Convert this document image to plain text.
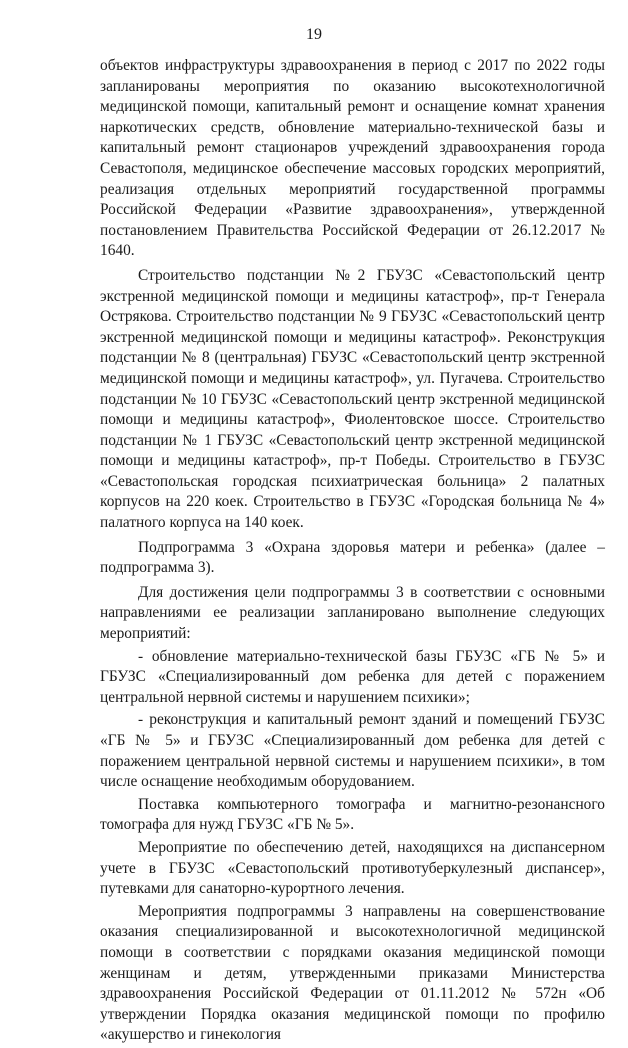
19

объектов инфраструктуры здравоохранения в период с 2017 по 2022 годы запланированы мероприятия по оказанию высокотехнологичной медицинской помощи, капитальный ремонт и оснащение комнат хранения наркотических средств, обновление материально-технической базы и капитальный ремонт стационаров учреждений здравоохранения города Севастополя, медицинское обеспечение массовых городских мероприятий, реализация отдельных мероприятий государственной программы Российской Федерации «Развитие здравоохранения», утвержденной постановлением Правительства Российской Федерации от 26.12.2017 № 1640.

Строительство подстанции №2 ГБУЗС «Севастопольский центр экстренной медицинской помощи и медицины катастроф», пр-т Генерала Острякова. Строительство подстанции № 9 ГБУЗС «Севастопольский центр экстренной медицинской помощи и медицины катастроф». Реконструкция подстанции № 8 (центральная) ГБУЗС «Севастопольский центр экстренной медицинской помощи и медицины катастроф», ул. Пугачева. Строительство подстанции № 10 ГБУЗС «Севастопольский центр экстренной медицинской помощи и медицины катастроф», Фиолентовское шоссе. Строительство подстанции № 1 ГБУЗС «Севастопольский центр экстренной медицинской помощи и медицины катастроф», пр-т Победы. Строительство в ГБУЗС «Севастопольская городская психиатрическая больница» 2 палатных корпусов на 220 коек. Строительство в ГБУЗС «Городская больница № 4» палатного корпуса на 140 коек.

Подпрограмма 3 «Охрана здоровья матери и ребенка» (далее – подпрограмма 3).

Для достижения цели подпрограммы 3 в соответствии с основными направлениями ее реализации запланировано выполнение следующих мероприятий:

- обновление материально-технической базы ГБУЗС «ГБ № 5» и ГБУЗС «Специализированный дом ребенка для детей с поражением центральной нервной системы и нарушением психики»;

- реконструкция и капитальный ремонт зданий и помещений ГБУЗС «ГБ № 5» и ГБУЗС «Специализированный дом ребенка для детей с поражением центральной нервной системы и нарушением психики», в том числе оснащение необходимым оборудованием.

Поставка компьютерного томографа и магнитно-резонансного томографа для нужд ГБУЗС «ГБ № 5».

Мероприятие по обеспечению детей, находящихся на диспансерном учете в ГБУЗС «Севастопольский противотуберкулезный диспансер», путевками для санаторно-курортного лечения.

Мероприятия подпрограммы 3 направлены на совершенствование оказания специализированной и высокотехнологичной медицинской помощи в соответствии с порядками оказания медицинской помощи женщинам и детям, утвержденными приказами Министерства здравоохранения Российской Федерации от 01.11.2012 № 572н «Об утверждении Порядка оказания медицинской помощи по профилю «акушерство и гинекология
